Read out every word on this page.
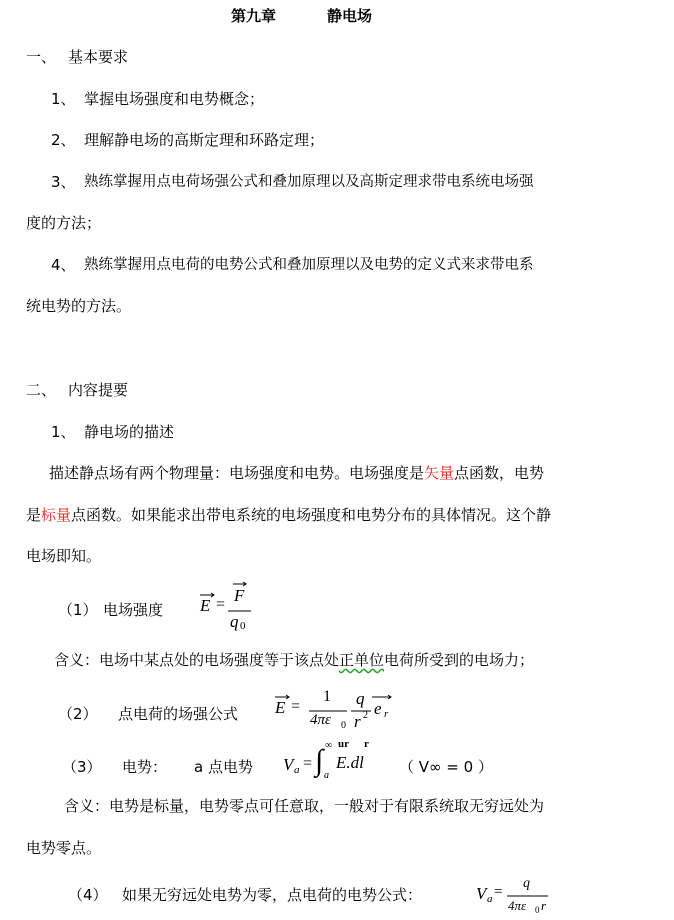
第九章	静电场
一、 基本要求
1、 掌握电场强度和电势概念；
2、 理解静电场的高斯定理和环路定理；
3、 熟练掌握用点电荷场强公式和叠加原理以及高斯定理求带电系统电场强
度的方法；
4、 熟练掌握用点电荷的电势公式和叠加原理以及电势的定义式来求带电系
统电势的方法。
二、 内容提要
1、 静电场的描述
描述静点场有两个物理量：电场强度和电势。电场强度是矢量点函数，电势
是标量点函数。如果能求出带电系统的电场强度和电势分布的具体情况。这个静
电场即知。
（1） 电场强度 E = F
q 0
含义：电场中某点处的电场强度等于该点处正单位电荷所受到的电场力；
（2） 点电荷的场强公式 E =
1
4πε 0
q
r 2 e r
（3） 电势： a 点电势 V a = ∫ ∞
a
ur r
E.dl （ V∞ = 0 ）
含义：电势是标量，电势零点可任意取，一般对于有限系统取无穷远处为
电势零点。
（4） 如果无穷远处电势为零，点电荷的电势公式：	V a =
q
4πε 0 r
